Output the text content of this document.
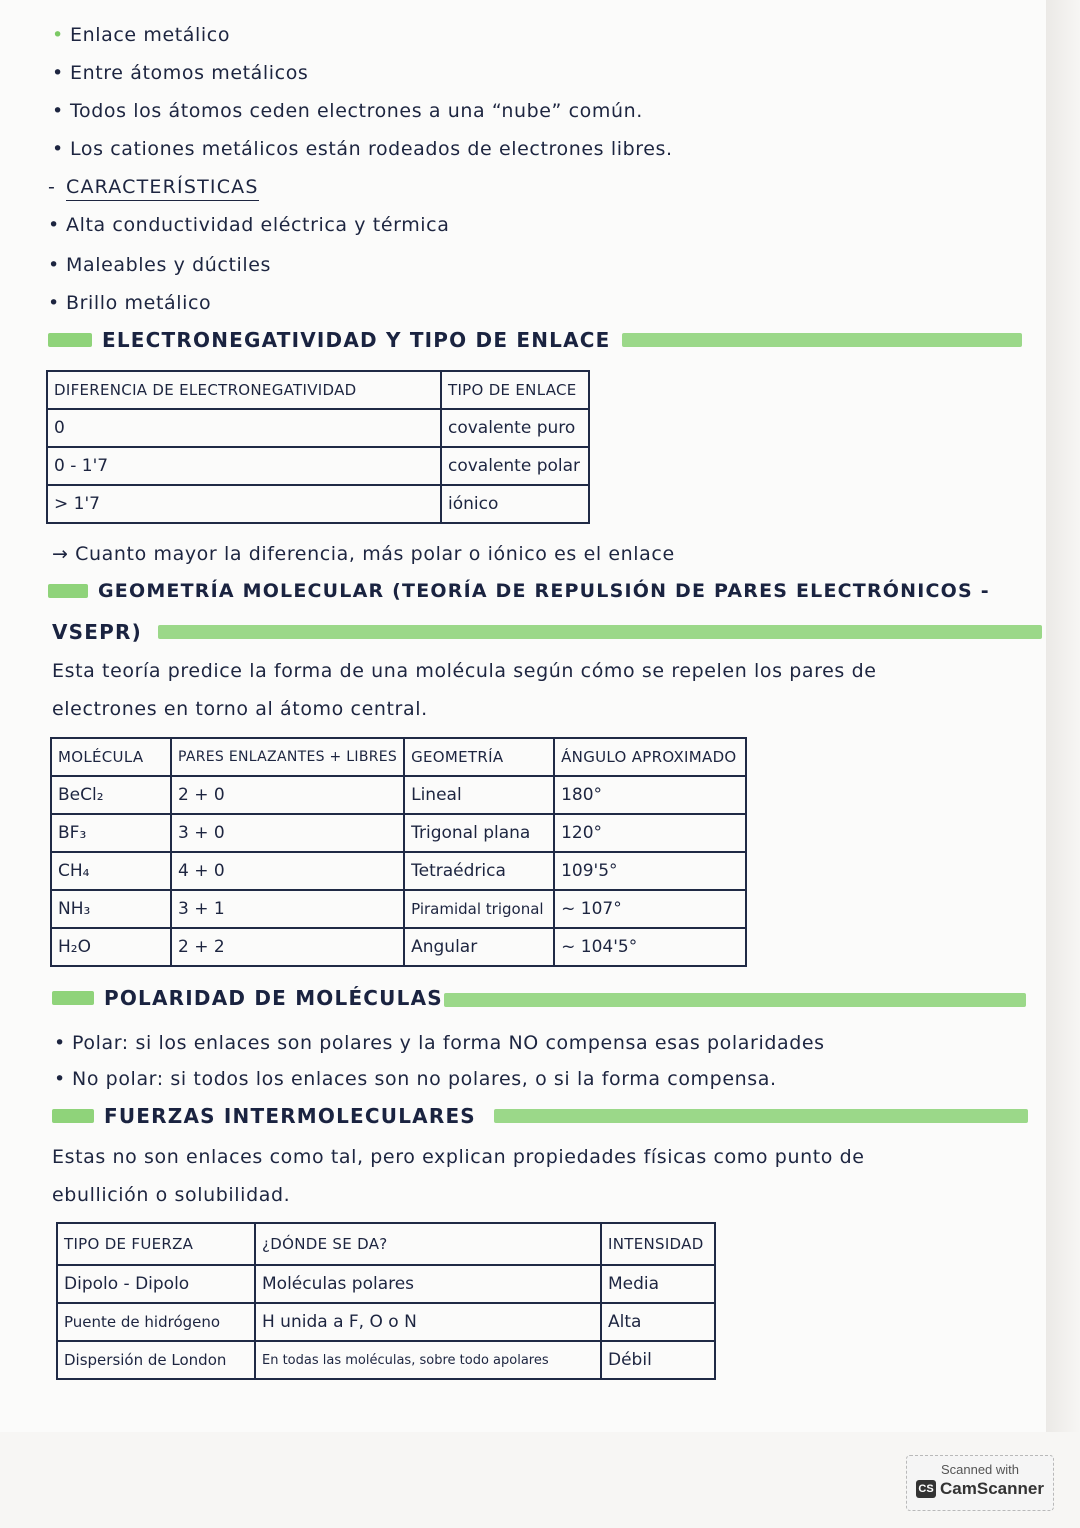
• Enlace metálico
• Entre átomos metálicos
• Todos los átomos ceden electrones a una “nube” común.
• Los cationes metálicos están rodeados de electrones libres.
- CARACTERÍSTICAS
• Alta conductividad eléctrica y térmica
• Maleables y dúctiles
• Brillo metálico
ELECTRONEGATIVIDAD Y TIPO DE ENLACE
DIFERENCIA DE ELECTRONEGATIVIDAD	TIPO DE ENLACE
0	covalente puro
0 - 1'7	covalente polar
> 1'7	iónico
→ Cuanto mayor la diferencia, más polar o iónico es el enlace
GEOMETRÍA MOLECULAR (TEORÍA DE REPULSIÓN DE PARES ELECTRÓNICOS -
VSEPR)
Esta teoría predice la forma de una molécula según cómo se repelen los pares de
electrones en torno al átomo central.
MOLÉCULA	PARES ENLAZANTES + LIBRES	GEOMETRÍA	ÁNGULO APROXIMADO
BeCl₂	2 + 0	Lineal	180°
BF₃	3 + 0	Trigonal plana	120°
CH₄	4 + 0	Tetraédrica	109'5°
NH₃	3 + 1	Piramidal trigonal	~ 107°
H₂O	2 + 2	Angular	~ 104'5°
POLARIDAD DE MOLÉCULAS
• Polar: si los enlaces son polares y la forma NO compensa esas polaridades
• No polar: si todos los enlaces son no polares, o si la forma compensa.
FUERZAS INTERMOLECULARES
Estas no son enlaces como tal, pero explican propiedades físicas como punto de
ebullición o solubilidad.
TIPO DE FUERZA	¿DÓNDE SE DA?	INTENSIDAD
Dipolo - Dipolo	Moléculas polares	Media
Puente de hidrógeno	H unida a F, O o N	Alta
Dispersión de London	En todas las moléculas, sobre todo apolares	Débil
Scanned with
CS CamScanner
